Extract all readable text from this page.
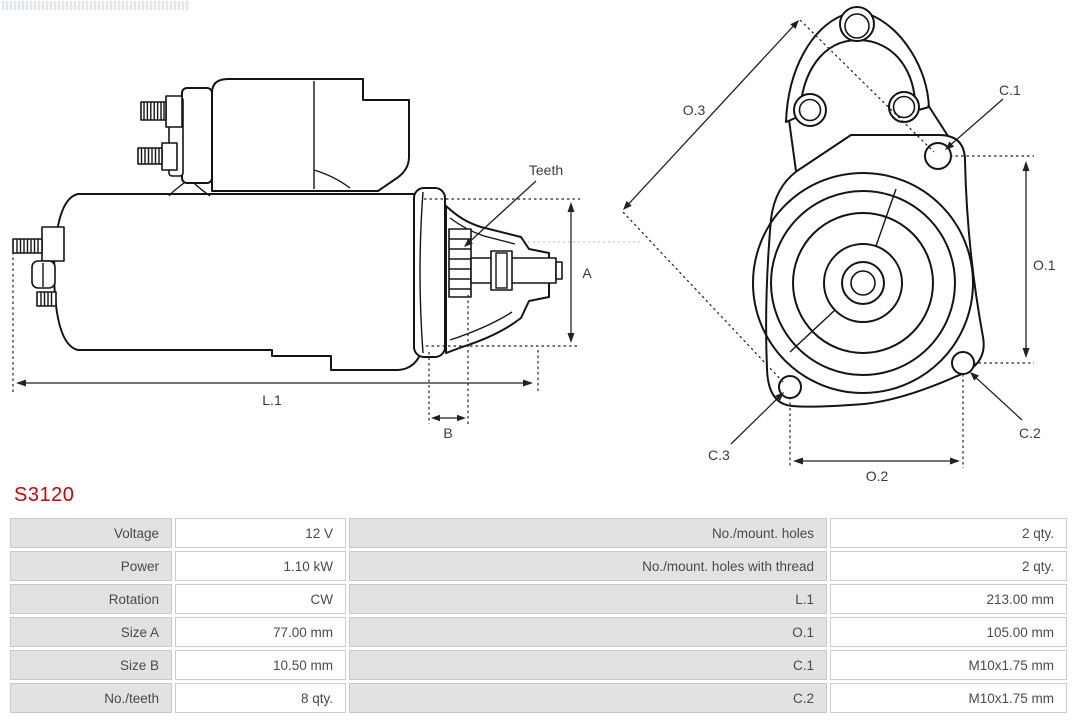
Teeth
A
L.1
B
O.3
O.1
O.2
C.1
C.2
C.3
S3120
Voltage	12 V	No./mount. holes	2 qty.
Power	1.10 kW	No./mount. holes with thread	2 qty.
Rotation	CW	L.1	213.00 mm
Size A	77.00 mm	O.1	105.00 mm
Size B	10.50 mm	C.1	M10x1.75 mm
No./teeth	8 qty.	C.2	M10x1.75 mm
